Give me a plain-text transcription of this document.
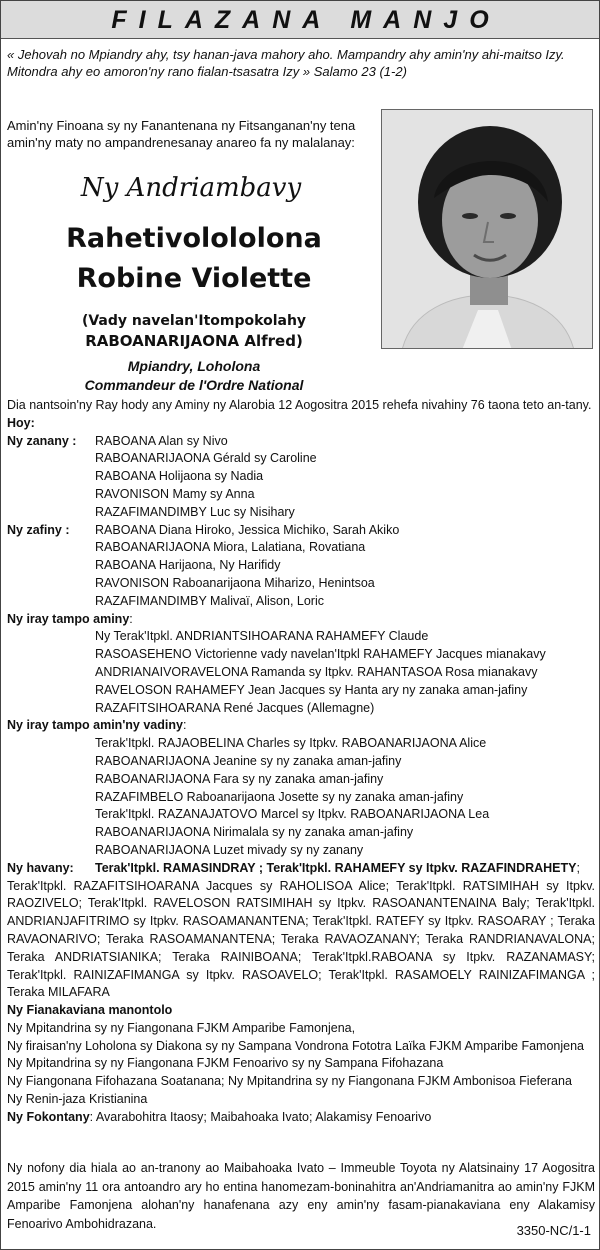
FILAZANA MANJO
« Jehovah no Mpiandry ahy, tsy hanan-java mahory aho. Mampandry ahy amin'ny ahi-maitso Izy. Mitondra ahy eo amoron'ny rano fialan-tsasatra Izy » Salamo 23 (1-2)
Amin'ny Finoana sy ny Fanantenana ny Fitsanganan'ny tena amin'ny maty no ampandrenesanay anareo fa ny malalanay:
Ny Andriambavy
Rahetivolololona
Robine Violette
(Vady navelan'Itompokolahy
RABOANARIJAONA Alfred)
Mpiandry, Loholona
Commandeur de l'Ordre National
Dia nantsoin'ny Ray hody any Aminy ny Alarobia 12 Aogositra 2015 rehefa nivahiny 76 taona teto an-tany.
Hoy:
Ny zanany :	RABOANA Alan sy Nivo
RABOANARIJAONA Gérald sy Caroline
RABOANA Holijaona sy Nadia
RAVONISON Mamy sy Anna
RAZAFIMANDIMBY Luc sy Nisihary
Ny zafiny :	RABOANA Diana Hiroko, Jessica Michiko, Sarah Akiko
RABOANARIJAONA Miora, Lalatiana, Rovatiana
RABOANA Harijaona, Ny Harifidy
RAVONISON Raboanarijaona Miharizo, Henintsoa
RAZAFIMANDIMBY Malivaï, Alison, Loric
Ny iray tampo aminy:
Ny Terak'Itpkl. ANDRIANTSIHOARANA RAHAMEFY Claude
RASOASEHENO Victorienne vady navelan'Itpkl RAHAMEFY Jacques mianakavy
ANDRIANAIVORAVELONA Ramanda sy Itpkv. RAHANTASOA Rosa mianakavy
RAVELOSON RAHAMEFY Jean Jacques sy Hanta ary ny zanaka aman-jafiny
RAZAFITSIHOARANA René Jacques (Allemagne)
Ny iray tampo amin'ny vadiny:
Terak'Itpkl. RAJAOBELINA Charles sy Itpkv. RABOANARIJAONA Alice
RABOANARIJAONA Jeanine sy ny zanaka aman-jafiny
RABOANARIJAONA Fara sy ny zanaka aman-jafiny
RAZAFIMBELO Raboanarijaona Josette sy ny zanaka aman-jafiny
Terak'Itpkl. RAZANAJATOVO Marcel sy Itpkv. RABOANARIJAONA Lea
RABOANARIJAONA Nirimalala sy ny zanaka aman-jafiny
RABOANARIJAONA Luzet mivady sy ny zanany
Ny havany:	Terak'Itpkl. RAMASINDRAY ; Terak'Itpkl. RAHAMEFY sy Itpkv. RAZAFINDRAHETY ;
Terak'Itpkl. RAZAFITSIHOARANA Jacques sy RAHOLISOA Alice; Terak'Itpkl. RATSIMIHAH sy Itpkv.
RAOZIVELO; Terak'Itpkl. RAVELOSON RATSIMIHAH sy Itpkv. RASOANANTENAINA Baly; Terak'Itpkl.
ANDRIANJAFITRIMO sy Itpkv. RASOAMANANTENA; Terak'Itpkl. RATEFY sy Itpkv. RASOARAY ; Teraka
RAVAONARIVO; Teraka RASOAMANANTENA; Teraka RAVAOZANANY; Teraka RANDRIANAVALONA;
Teraka ANDRIATSIANIKA; Teraka RAINIBOANA; Terak'Itpkl.RABOANA sy Itpkv. RAZANAMASY;
Terak'Itpkl. RAINIZAFIMANGA sy Itpkv. RASOAVELO; Terak'Itpkl. RASAMOELY RAINIZAFIMANGA ;
Teraka MILAFARA
Ny Fianakaviana manontolo
Ny Mpitandrina sy ny Fiangonana FJKM Amparibe Famonjena,
Ny firaisan'ny Loholona sy Diakona sy ny Sampana Vondrona Fototra Laïka FJKM Amparibe Famonjena
Ny Mpitandrina sy ny Fiangonana FJKM Fenoarivo sy ny Sampana Fifohazana
Ny Fiangonana Fifohazana Soatanana; Ny Mpitandrina sy ny Fiangonana FJKM Ambonisoa Fieferana
Ny Renin-jaza Kristianina
Ny Fokontany: Avarabohitra Itaosy; Maibahoaka Ivato; Alakamisy Fenoarivo
Ny nofony dia hiala ao an-tranony ao Maibahoaka Ivato – Immeuble Toyota ny Alatsinainy 17 Aogositra 2015 amin'ny 11 ora antoandro ary ho entina hanomezam-boninahitra an'Andriamanitra ao amin'ny FJKM Amparibe Famonjena alohan'ny hanafenana azy eny amin'ny fasam-pianakaviana eny Alakamisy Fenoarivo Ambohidrazana.	3350-NC/1-1
